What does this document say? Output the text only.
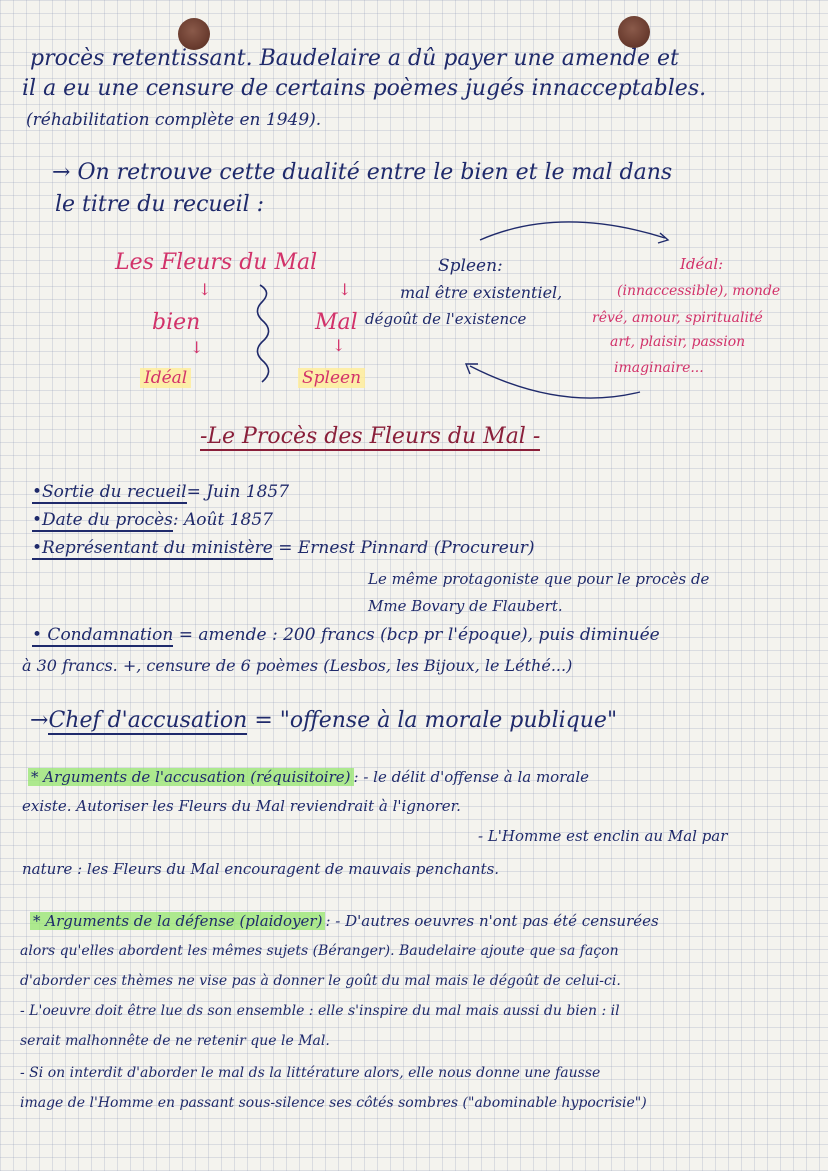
procès retentissant. Baudelaire a dû payer une amende et
il a eu une censure de certains poèmes jugés innacceptables.
(réhabilitation complète en 1949).
→ On retrouve cette dualité entre le bien et le mal dans
le titre du recueil :
Les Fleurs du Mal
↓	↓
bien	Mal
↓	↓
Idéal	Spleen
Spleen:
mal être existentiel,
dégoût de l'existence
Idéal:
(innaccessible), monde
rêvé, amour, spiritualité
art, plaisir, passion
imaginaire...
-Le Procès des Fleurs du Mal -
•Sortie du recueil= Juin 1857
•Date du procès: Août 1857
•Représentant du ministère = Ernest Pinnard (Procureur)
Le même protagoniste que pour le procès de
Mme Bovary de Flaubert.
• Condamnation = amende : 200 francs (bcp pr l'époque), puis diminuée
à 30 francs. +, censure de 6 poèmes (Lesbos, les Bijoux, le Léthé...)
→Chef d'accusation = "offense à la morale publique"
* Arguments de l'accusation (réquisitoire) : - le délit d'offense à la morale
existe. Autoriser les Fleurs du Mal reviendrait à l'ignorer.
- L'Homme est enclin au Mal par
nature : les Fleurs du Mal encouragent de mauvais penchants.
* Arguments de la défense (plaidoyer) : - D'autres oeuvres n'ont pas été censurées
alors qu'elles abordent les mêmes sujets (Béranger). Baudelaire ajoute que sa façon
d'aborder ces thèmes ne vise pas à donner le goût du mal mais le dégoût de celui-ci.
- L'oeuvre doit être lue ds son ensemble : elle s'inspire du mal mais aussi du bien : il
serait malhonnête de ne retenir que le Mal.
- Si on interdit d'aborder le mal ds la littérature alors, elle nous donne une fausse
image de l'Homme en passant sous-silence ses côtés sombres ("abominable hypocrisie")
